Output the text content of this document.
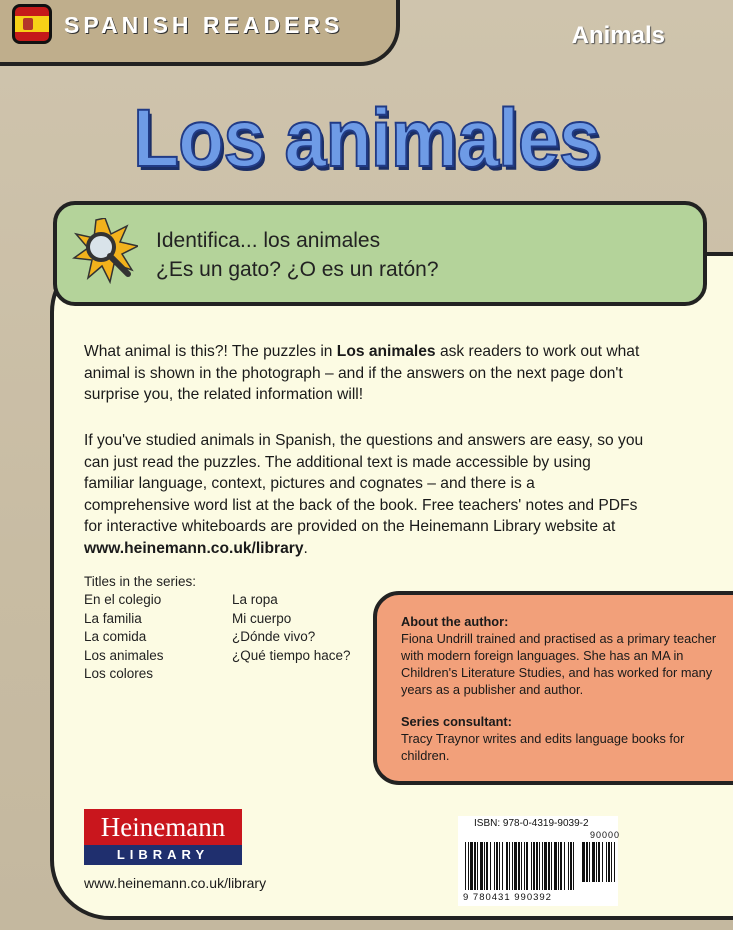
SPANISH READERS	Animals
Los animales
Identifica... los animales
¿Es un gato? ¿O es un ratón?
What animal is this?! The puzzles in Los animales ask readers to work out what animal is shown in the photograph – and if the answers on the next page don't surprise you, the related information will!
If you've studied animals in Spanish, the questions and answers are easy, so you can just read the puzzles. The additional text is made accessible by using familiar language, context, pictures and cognates – and there is a comprehensive word list at the back of the book. Free teachers' notes and PDFs for interactive whiteboards are provided on the Heinemann Library website at www.heinemann.co.uk/library.
Titles in the series:
En el colegio
La familia
La comida
Los animales
Los colores
La ropa
Mi cuerpo
¿Dónde vivo?
¿Qué tiempo hace?
About the author:
Fiona Undrill trained and practised as a primary teacher with modern foreign languages. She has an MA in Children's Literature Studies, and has worked for many years as a publisher and author.
Series consultant:
Tracy Traynor writes and edits language books for children.
Heinemann
LIBRARY
www.heinemann.co.uk/library
ISBN: 978-0-4319-9039-2
90000
9 780431 990392
